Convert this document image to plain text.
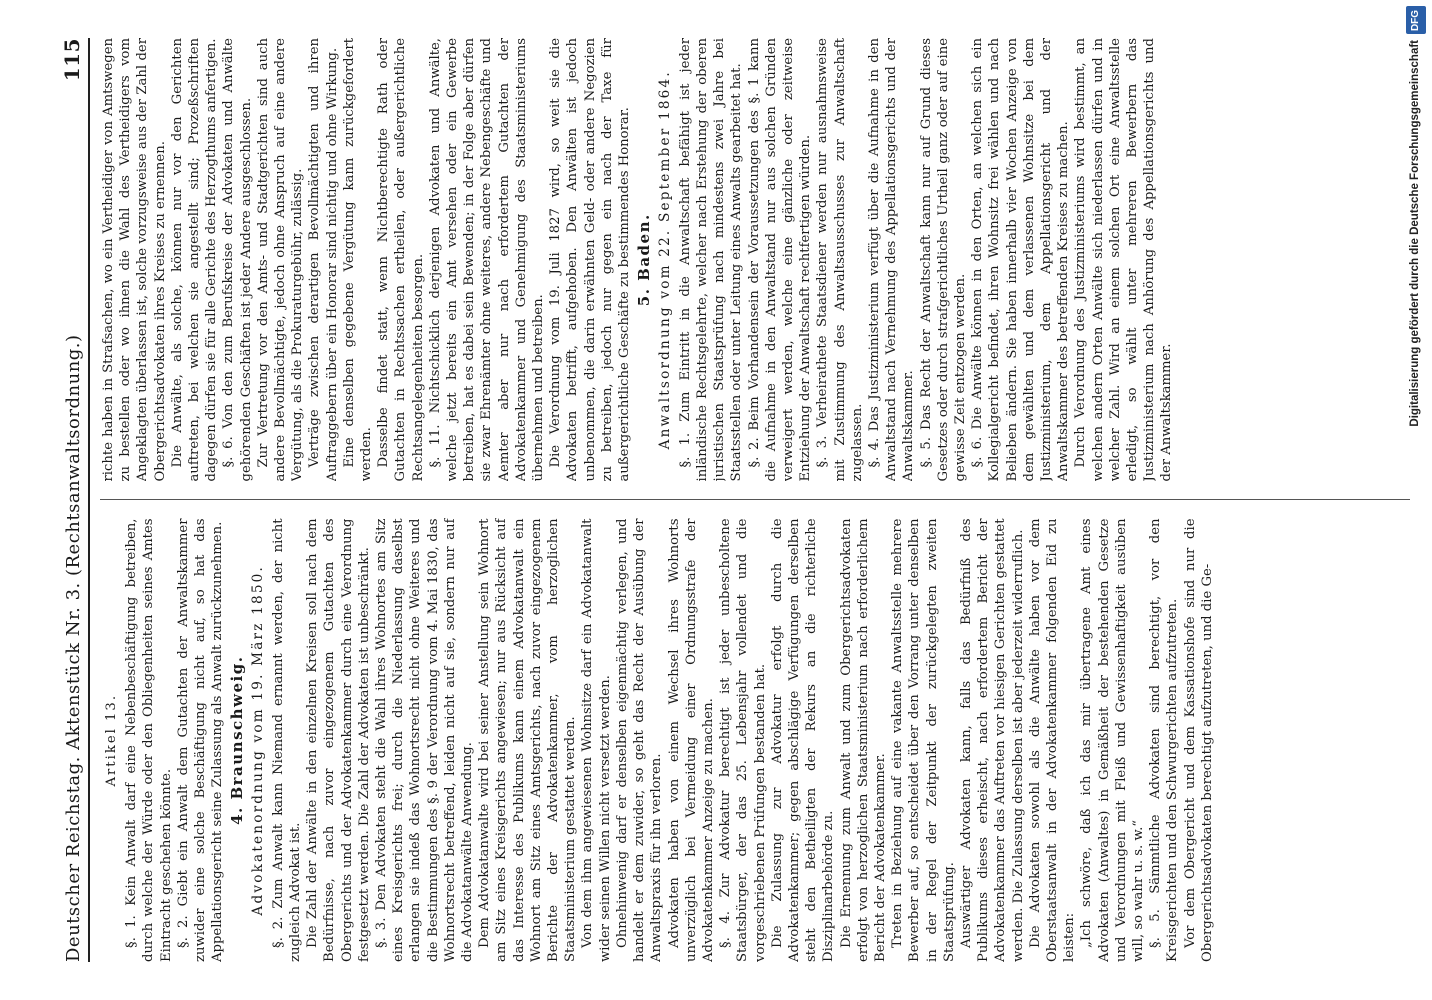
Deutscher Reichstag. Aktenstück Nr. 3. (Rechtsanwaltsordnung.)
115

Artikel 13. §. 1. Kein Anwalt darf eine Nebenbeschäftigung betreiben, durch welche der Würde oder den Obliegenheiten seines Amtes Eintracht geschehen könnte. §. 2. Giebt ein Anwalt dem Gutachten der Anwaltskammer zuwider eine solche Beschäftigung nicht auf, so hat das Appellationsgericht seine Zulassung als Anwalt zurückzunehmen. 4. Braunschweig. Advokatenordnung vom 19. März 1850. §. 2. Zum Anwalt kann Niemand ernannt werden, der nicht zugleich Advokat ist. Die Zahl der Anwälte in den einzelnen Kreisen soll nach dem Bedürfnisse, nach zuvor eingezogenem Gutachten des Obergerichts und der Advokatenkammer durch eine Verordnung festgesetzt werden. Die Zahl der Advokaten ist unbeschränkt. §. 3. Den Advokaten steht die Wahl ihres Wohnortes am Sitz eines Kreisgerichts frei; durch die Niederlassung daselbst erlangen sie indeß das Wohnortsrecht nicht ohne Weiteres und die Bestimmungen des §. 9 der Verordnung vom 4. Mai 1830, das Wohnortsrecht betreffend, leiden nicht auf sie, sondern nur auf die Advokatanwälte Anwendung. Dem Advokatanwalte wird bei seiner Anstellung sein Wohnort am Sitz eines Kreisgerichts angewiesen; nur aus Rücksicht auf das Interesse des Publikums kann einem Advokatanwalt ein Wohnort am Sitz eines Amtsgerichts, nach zuvor eingezogenem Berichte der Advokatenkammer, vom herzoglichen Staatsministerium gestattet werden. Von dem ihm angewiesenen Wohnsitze darf ein Advokatanwalt wider seinen Willen nicht versetzt werden. Ohnehinwenig darf er denselben eigenmächtig verlegen, und handelt er dem zuwider, so geht das Recht der Ausübung der Anwaltspraxis für ihn verloren. Advokaten haben von einem Wechsel ihres Wohnorts unverzüglich bei Vermeidung einer Ordnungsstrafe der Advokatenkammer Anzeige zu machen. §. 4. Zur Advokatur berechtigt ist jeder unbescholtene Staatsbürger, der das 25. Lebensjahr vollendet und die vorgeschriebenen Prüfungen bestanden hat. Die Zulassung zur Advokatur erfolgt durch die Advokatenkammer; gegen abschlägige Verfügungen derselben steht den Betheiligten der Rekurs an die richterliche Disziplinarbehörde zu. Die Ernennung zum Anwalt und zum Obergerichtsadvokaten erfolgt von herzoglichen Staatsministerium nach erforderlichem Bericht der Advokatenkammer. Treten in Beziehung auf eine vakante Anwaltsstelle mehrere Bewerber auf, so entscheidet über den Vorrang unter denselben in der Regel der Zeitpunkt der zurückgelegten zweiten Staatsprüfung. Auswärtiger Advokaten kann, falls das Bedürfniß des Publikums dieses erheischt, nach erfordertem Bericht der Advokatenkammer das Auftreten vor hiesigen Gerichten gestattet werden. Die Zulassung derselben ist aber jederzeit widerruflich. Die Advokaten sowohl als die Anwälte haben vor dem Oberstaatsanwalt in der Advokatenkammer folgenden Eid zu leisten: „Ich schwöre, daß ich das mir übertragene Amt eines Advokaten (Anwaltes) in Gemäßheit der bestehenden Gesetze und Verordnungen mit Fleiß und Gewissenhaftigkeit ausüben will, so wahr u. s. w.“ §. 5. Sämmtliche Advokaten sind berechtigt, vor den Kreisgerichten und den Schwurgerichten aufzutreten. Vor dem Obergericht und dem Kassationshofe sind nur die Obergerichtsadvokaten berechtigt aufzutreten, und die Ge-

richte haben in Strafsachen, wo ein Vertheidiger von Amtswegen zu bestellen oder wo ihnen die Wahl des Vertheidigers vom Angeklagten überlassen ist, solche vorzugsweise aus der Zahl der Obergerichtsadvokaten ihres Kreises zu ernennen. Die Anwälte, als solche, können nur vor den Gerichten auftreten, bei welchen sie angestellt sind; Prozeßschriften dagegen dürfen sie für alle Gerichte des Herzogthums anfertigen. §. 6. Von den zum Berufskreise der Advokaten und Anwälte gehörenden Geschäften ist jeder Andere ausgeschlossen. Zur Vertretung vor den Amts- und Stadtgerichten sind auch andere Bevollmächtigte, jedoch ohne Anspruch auf eine andere Vergütung, als die Prokuraturgebühr, zulässig. Verträge zwischen derartigen Bevollmächtigten und ihren Auftraggebern über ein Honorar sind nichtig und ohne Wirkung. Eine denselben gegebene Vergütung kann zurückgefordert werden. Dasselbe findet statt, wenn Nichtberechtigte Rath oder Gutachten in Rechtssachen ertheilen, oder außergerichtliche Rechtsangelegenheiten besorgen. §. 11. Nichtschicklich derjenigen Advokaten und Anwälte, welche jetzt bereits ein Amt versehen oder ein Gewerbe betreiben, hat es dabei sein Bewenden; in der Folge aber dürfen sie zwar Ehrenämter ohne weiteres, andere Nebengeschäfte und Aemter aber nur nach erfordertem Gutachten der Advokatenkammer und Genehmigung des Staatsministeriums übernehmen und betreiben. Die Verordnung vom 19. Juli 1827 wird, so weit sie die Advokaten betrifft, aufgehoben. Den Anwälten ist jedoch unbenommen, die darin erwähnten Geld- oder andere Negozien zu betreiben, jedoch nur gegen ein nach der Taxe für außergerichtliche Geschäfte zu bestimmendes Honorar. 5. Baden. Anwaltsordnung vom 22. September 1864. §. 1. Zum Eintritt in die Anwaltschaft befähigt ist jeder inländische Rechtsgelehrte, welcher nach Erstehung der oberen juristischen Staatsprüfung nach mindestens zwei Jahre bei Staatsstellen oder unter Leitung eines Anwalts gearbeitet hat. §. 2. Beim Vorhandensein der Voraussetzungen des §. 1 kann die Aufnahme in den Anwaltstand nur aus solchen Gründen verweigert werden, welche eine gänzliche oder zeitweise Entziehung der Anwaltschaft rechtfertigen würden. §. 3. Verheirathete Staatsdiener werden nur ausnahmsweise mit Zustimmung des Anwaltsausschusses zur Anwaltschaft zugelassen. §. 4. Das Justizministerium verfügt über die Aufnahme in den Anwaltstand nach Vernehmung des Appellationsgerichts und der Anwaltskammer. §. 5. Das Recht der Anwaltschaft kann nur auf Grund dieses Gesetzes oder durch strafgerichtliches Urtheil ganz oder auf eine gewisse Zeit entzogen werden. §. 6. Die Anwälte können in den Orten, an welchen sich ein Kollegialgericht befindet, ihren Wohnsitz frei wählen und nach Belieben ändern. Sie haben innerhalb vier Wochen Anzeige von dem gewählten und dem verlassenen Wohnsitze bei dem Justizministerium, dem Appellationsgericht und der Anwaltskammer des betreffenden Kreises zu machen. Durch Verordnung des Justizministeriums wird bestimmt, an welchen andern Orten Anwälte sich niederlassen dürfen und in welcher Zahl. Wird an einem solchen Ort eine Anwaltsstelle erledigt, so wählt unter mehreren Bewerbern das Justizministerium nach Anhörung des Appellationsgerichts und der Anwaltskammer.

DFG
Digitalisierung gefördert durch die Deutsche Forschungsgemeinschaft
